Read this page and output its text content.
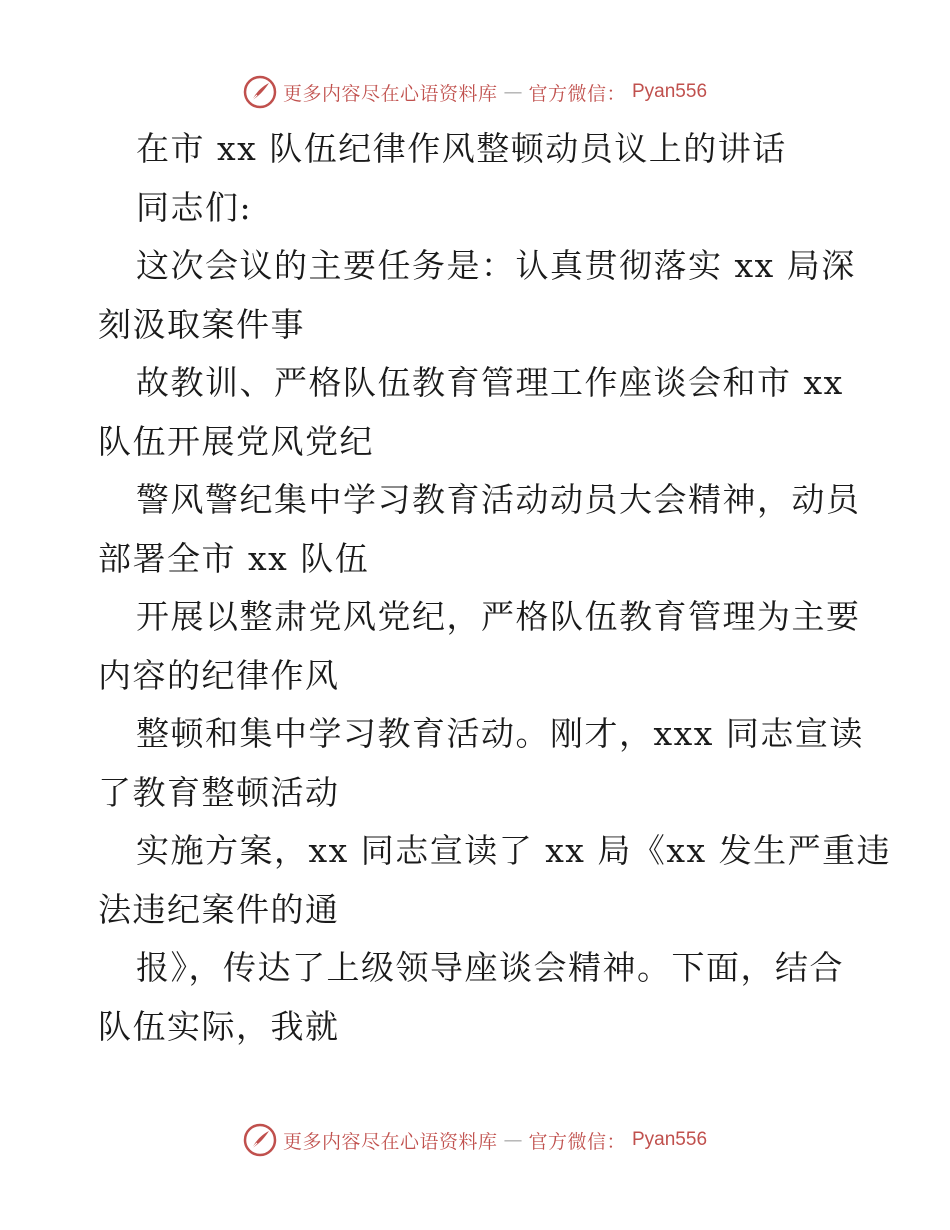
更多内容尽在心语资料库 — 官方微信： Pyan556
在市 xx 队伍纪律作风整顿动员议上的讲话
同志们:
这次会议的主要任务是：认真贯彻落实 xx 局深
刻汲取案件事
故教训、严格队伍教育管理工作座谈会和市 xx
队伍开展党风党纪
警风警纪集中学习教育活动动员大会精神，动员
部署全市 xx 队伍
开展以整肃党风党纪，严格队伍教育管理为主要
内容的纪律作风
整顿和集中学习教育活动。刚才，xxx 同志宣读
了教育整顿活动
实施方案，xx 同志宣读了 xx 局《xx 发生严重违
法违纪案件的通
报》，传达了上级领导座谈会精神。下面，结合
队伍实际，我就
更多内容尽在心语资料库 — 官方微信： Pyan556
